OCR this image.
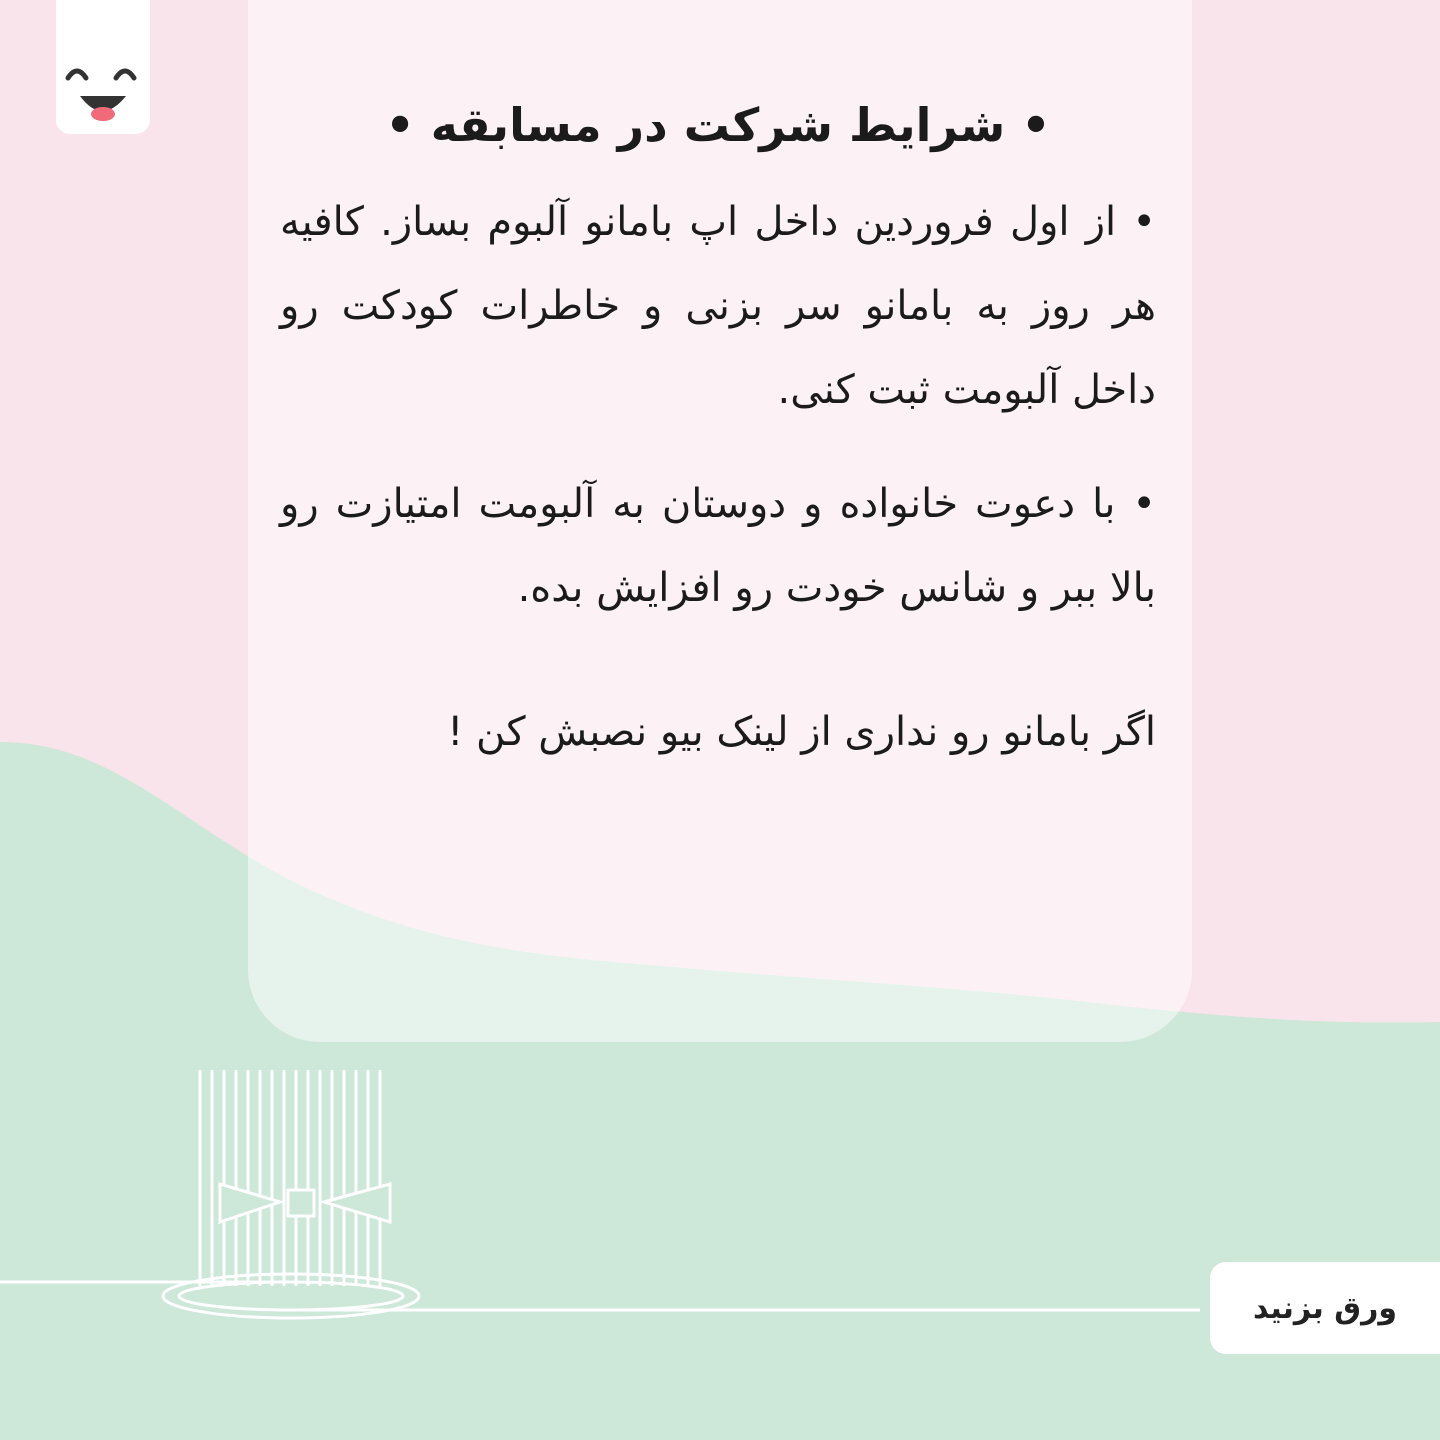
• شرایط شرکت در مسابقه •

• از اول فروردین داخل اپ بامانو آلبوم بساز. کافیه هر روز به بامانو سر بزنی و خاطرات کودکت رو داخل آلبومت ثبت کنی.

• با دعوت خانواده و دوستان به آلبومت امتیازت رو بالا ببر و شانس خودت رو افزایش بده.

اگر بامانو رو نداری از لینک بیو نصبش کن !
ورق بزنید
